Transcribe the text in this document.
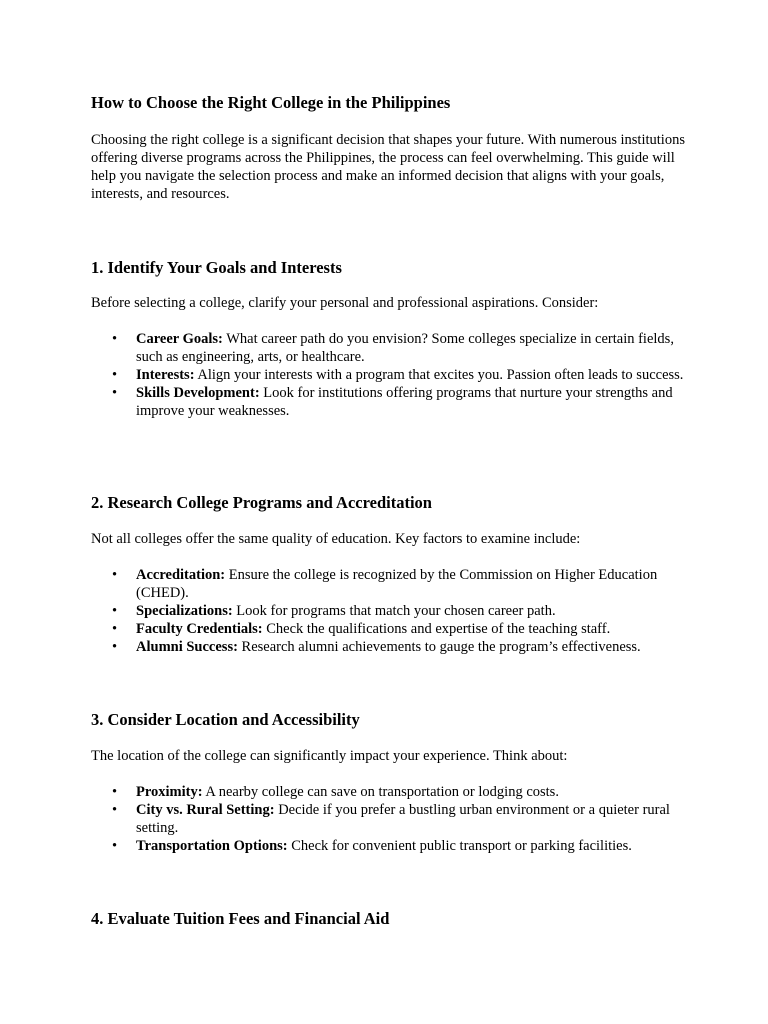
How to Choose the Right College in the Philippines

Choosing the right college is a significant decision that shapes your future. With numerous institutions offering diverse programs across the Philippines, the process can feel overwhelming. This guide will help you navigate the selection process and make an informed decision that aligns with your goals, interests, and resources.

1. Identify Your Goals and Interests

Before selecting a college, clarify your personal and professional aspirations. Consider:

• Career Goals: What career path do you envision? Some colleges specialize in certain fields, such as engineering, arts, or healthcare.
• Interests: Align your interests with a program that excites you. Passion often leads to success.
• Skills Development: Look for institutions offering programs that nurture your strengths and improve your weaknesses.
2. Research College Programs and Accreditation

Not all colleges offer the same quality of education. Key factors to examine include:

• Accreditation: Ensure the college is recognized by the Commission on Higher Education (CHED).
• Specializations: Look for programs that match your chosen career path.
• Faculty Credentials: Check the qualifications and expertise of the teaching staff.
• Alumni Success: Research alumni achievements to gauge the program’s effectiveness.
3. Consider Location and Accessibility

The location of the college can significantly impact your experience. Think about:

• Proximity: A nearby college can save on transportation or lodging costs.
• City vs. Rural Setting: Decide if you prefer a bustling urban environment or a quieter rural setting.
• Transportation Options: Check for convenient public transport or parking facilities.
4. Evaluate Tuition Fees and Financial Aid
